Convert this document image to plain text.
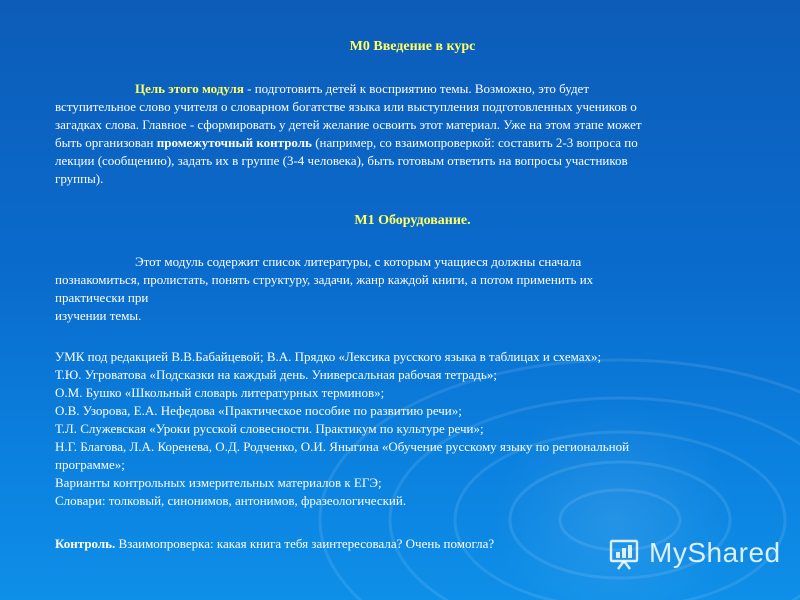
М0 Введение в курс

Цель этого модуля - подготовить детей к восприятию темы. Возможно, это будет
вступительное слово учителя о словарном богатстве языка или выступления подготовленных учеников о
загадках слова. Главное - сформировать у детей желание освоить этот материал. Уже на этом этапе может
быть организован промежуточный контроль (например, со взаимопроверкой: составить 2-3 вопроса по
лекции (сообщению), задать их в группе (3-4 человека), быть готовым ответить на вопросы участников
группы).

М1 Оборудование.

Этот модуль содержит список литературы, с которым учащиеся должны сначала
познакомиться, пролистать, понять структуру, задачи, жанр каждой книги, а потом применить их
практически при
изучении темы.
УМК под редакцией В.В.Бабайцевой; В.А. Прядко «Лексика русского языка в таблицах и схемах»;
Т.Ю. Угроватова «Подсказки на каждый день. Универсальная рабочая тетрадь»;
О.М. Бушко «Школьный словарь литературных терминов»;
О.В. Узорова, Е.А. Нефедова «Практическое пособие по развитию речи»;
Т.Л. Служевская «Уроки русской словесности. Практикум по культуре речи»;
Н.Г. Благова, Л.А. Коренева, О.Д. Родченко, О.И. Яныгина «Обучение русскому языку по региональной
программе»;
Варианты контрольных измерительных материалов к ЕГЭ;
Словари: толковый, синонимов, антонимов, фразеологический.
Контроль. Взаимопроверка: какая книга тебя заинтересовала? Очень помогла?	MyShared
